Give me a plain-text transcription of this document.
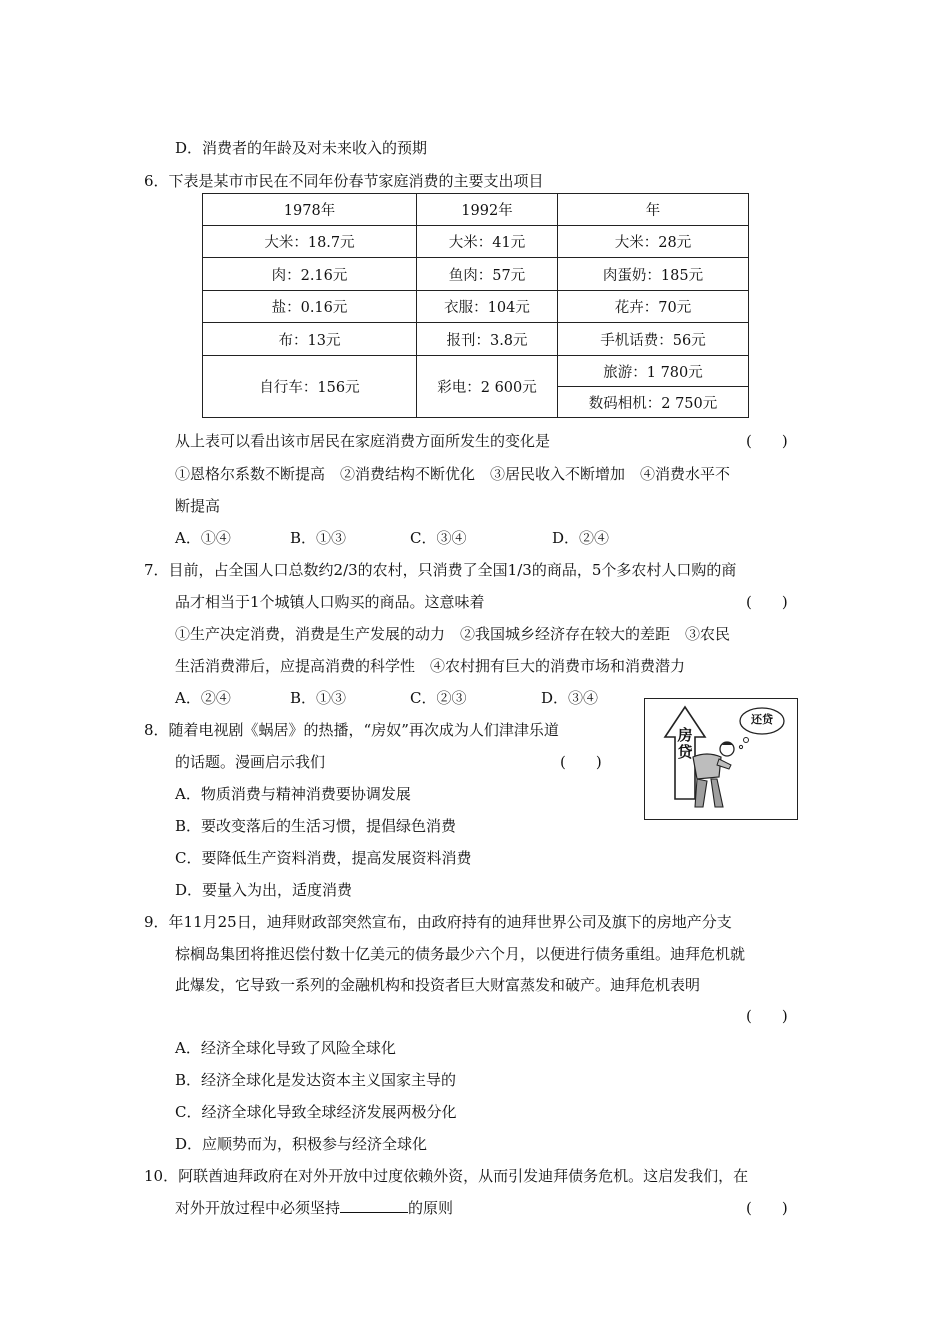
D．消费者的年龄及对未来收入的预期
6．下表是某市市民在不同年份春节家庭消费的主要支出项目
1978年	1992年	年
大米：18.7元	大米：41元	大米：28元
肉：2.16元	鱼肉：57元	肉蛋奶：185元
盐：0.16元	衣服：104元	花卉：70元
布：13元	报刊：3.8元	手机话费：56元
自行车：156元	彩电：2 600元	旅游：1 780元
		数码相机：2 750元
从上表可以看出该市居民在家庭消费方面所发生的变化是	(　　)
①恩格尔系数不断提高　②消费结构不断优化　③居民收入不断增加　④消费水平不
断提高
A．①④	B．①③	C．③④	D．②④
7．目前，占全国人口总数约2/3的农村，只消费了全国1/3的商品，5个多农村人口购的商
品才相当于1个城镇人口购买的商品。这意味着	(　　)
①生产决定消费，消费是生产发展的动力　②我国城乡经济存在较大的差距　③农民
生活消费滞后，应提高消费的科学性　④农村拥有巨大的消费市场和消费潜力
A．②④	B．①③	C．②③	D．③④
8．随着电视剧《蜗居》的热播，“房奴”再次成为人们津津乐道
的话题。漫画启示我们	(　　)
A．物质消费与精神消费要协调发展
B．要改变落后的生活习惯，提倡绿色消费
C．要降低生产资料消费，提高发展资料消费
D．要量入为出，适度消费
房贷
还贷
9．年11月25日，迪拜财政部突然宣布，由政府持有的迪拜世界公司及旗下的房地产分支
棕榈岛集团将推迟偿付数十亿美元的债务最少六个月，以便进行债务重组。迪拜危机就
此爆发，它导致一系列的金融机构和投资者巨大财富蒸发和破产。迪拜危机表明
(　　)
A．经济全球化导致了风险全球化
B．经济全球化是发达资本主义国家主导的
C．经济全球化导致全球经济发展两极分化
D．应顺势而为，积极参与经济全球化
10．阿联酋迪拜政府在对外开放中过度依赖外资，从而引发迪拜债务危机。这启发我们，在
对外开放过程中必须坚持	的原则	(　　)
